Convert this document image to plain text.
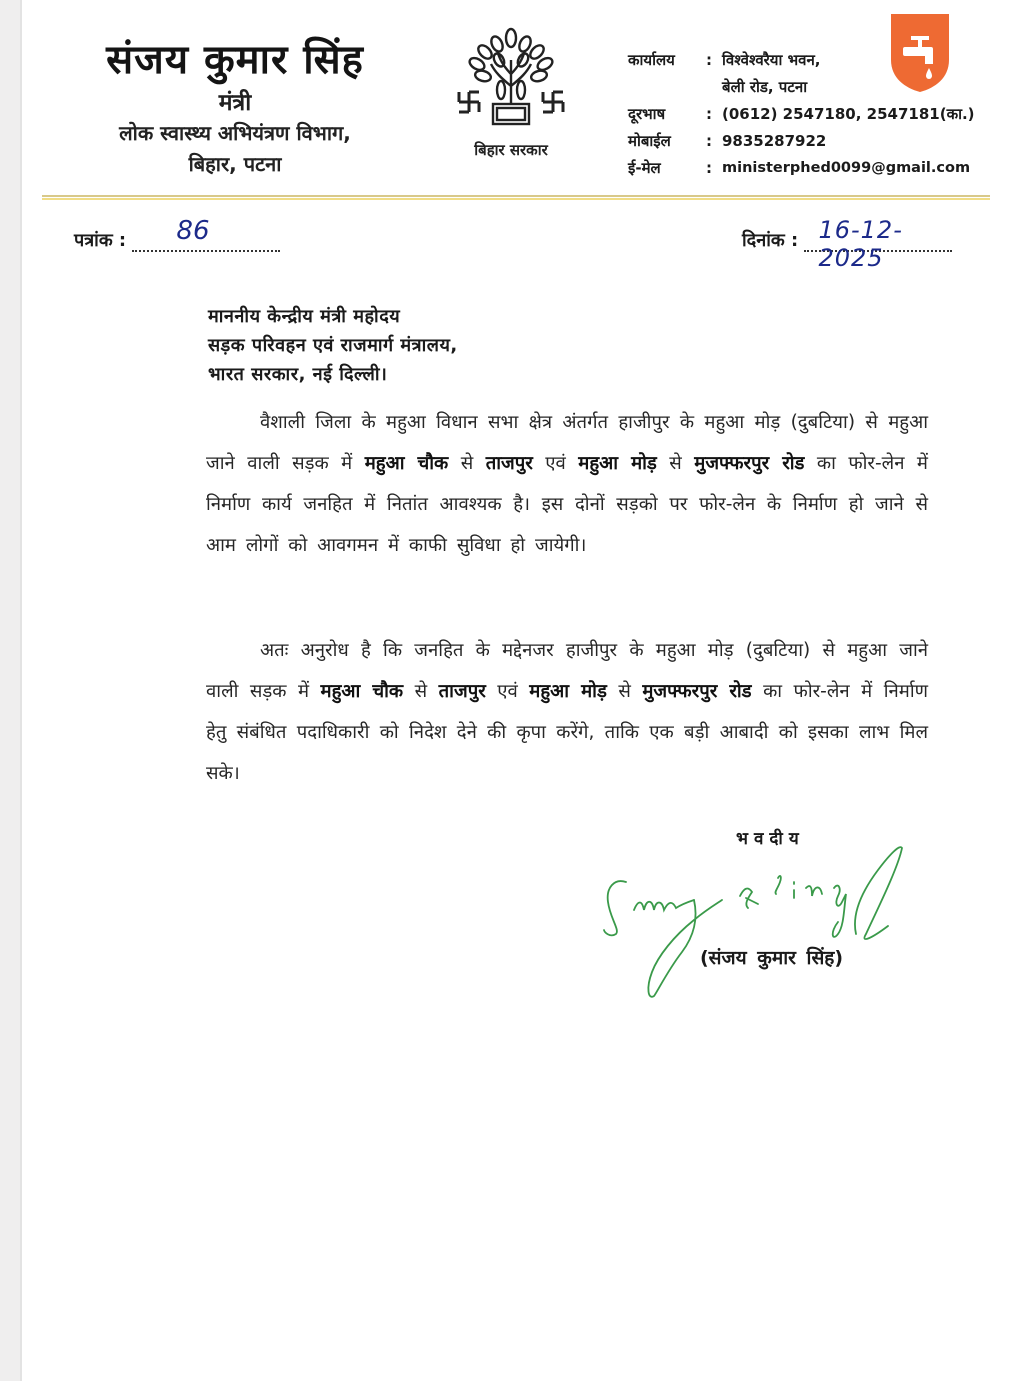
संजय कुमार सिंह
मंत्री
लोक स्वास्थ्य अभियंत्रण विभाग,
बिहार, पटना
बिहार सरकार
कार्यालय	: विश्वेश्वरैया भवन,
बेली रोड, पटना
दूरभाष	: (0612) 2547180, 2547181(का.)
मोबाईल	: 9835287922
ई-मेल	: ministerphed0099@gmail.com
पत्रांक : 86	दिनांक : 16-12-2025
माननीय केन्द्रीय मंत्री महोदय
सड़क परिवहन एवं राजमार्ग मंत्रालय,
भारत सरकार, नई दिल्ली।
वैशाली जिला के महुआ विधान सभा क्षेत्र अंतर्गत हाजीपुर के महुआ मोड़ (दुबटिया) से महुआ जाने वाली सड़क में महुआ चौक से ताजपुर एवं महुआ मोड़ से मुजफ्फरपुर रोड का फोर-लेन में निर्माण कार्य जनहित में नितांत आवश्यक है। इस दोनों सड़को पर फोर-लेन के निर्माण हो जाने से आम लोगों को आवगमन में काफी सुविधा हो जायेगी।
अतः अनुरोध है कि जनहित के मद्देनजर हाजीपुर के महुआ मोड़ (दुबटिया) से महुआ जाने वाली सड़क में महुआ चौक से ताजपुर एवं महुआ मोड़ से मुजफ्फरपुर रोड का फोर-लेन में निर्माण हेतु संबंधित पदाधिकारी को निदेश देने की कृपा करेंगे, ताकि एक बड़ी आबादी को इसका लाभ मिल सके।
भवदीय
(संजय कुमार सिंह)
